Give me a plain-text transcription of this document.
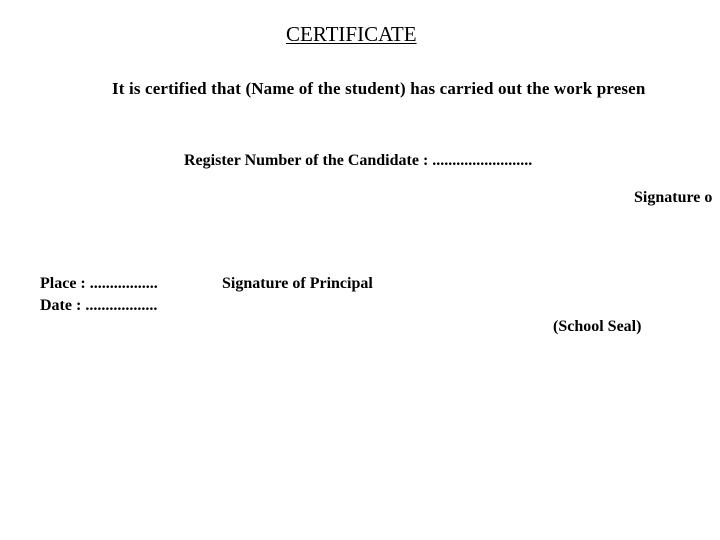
CERTIFICATE
It is certified that (Name of the student) has carried out the work presen
Register Number of the Candidate : .........................
Signature o
Place : .................
Date : ..................
Signature of Principal
(School Seal)
